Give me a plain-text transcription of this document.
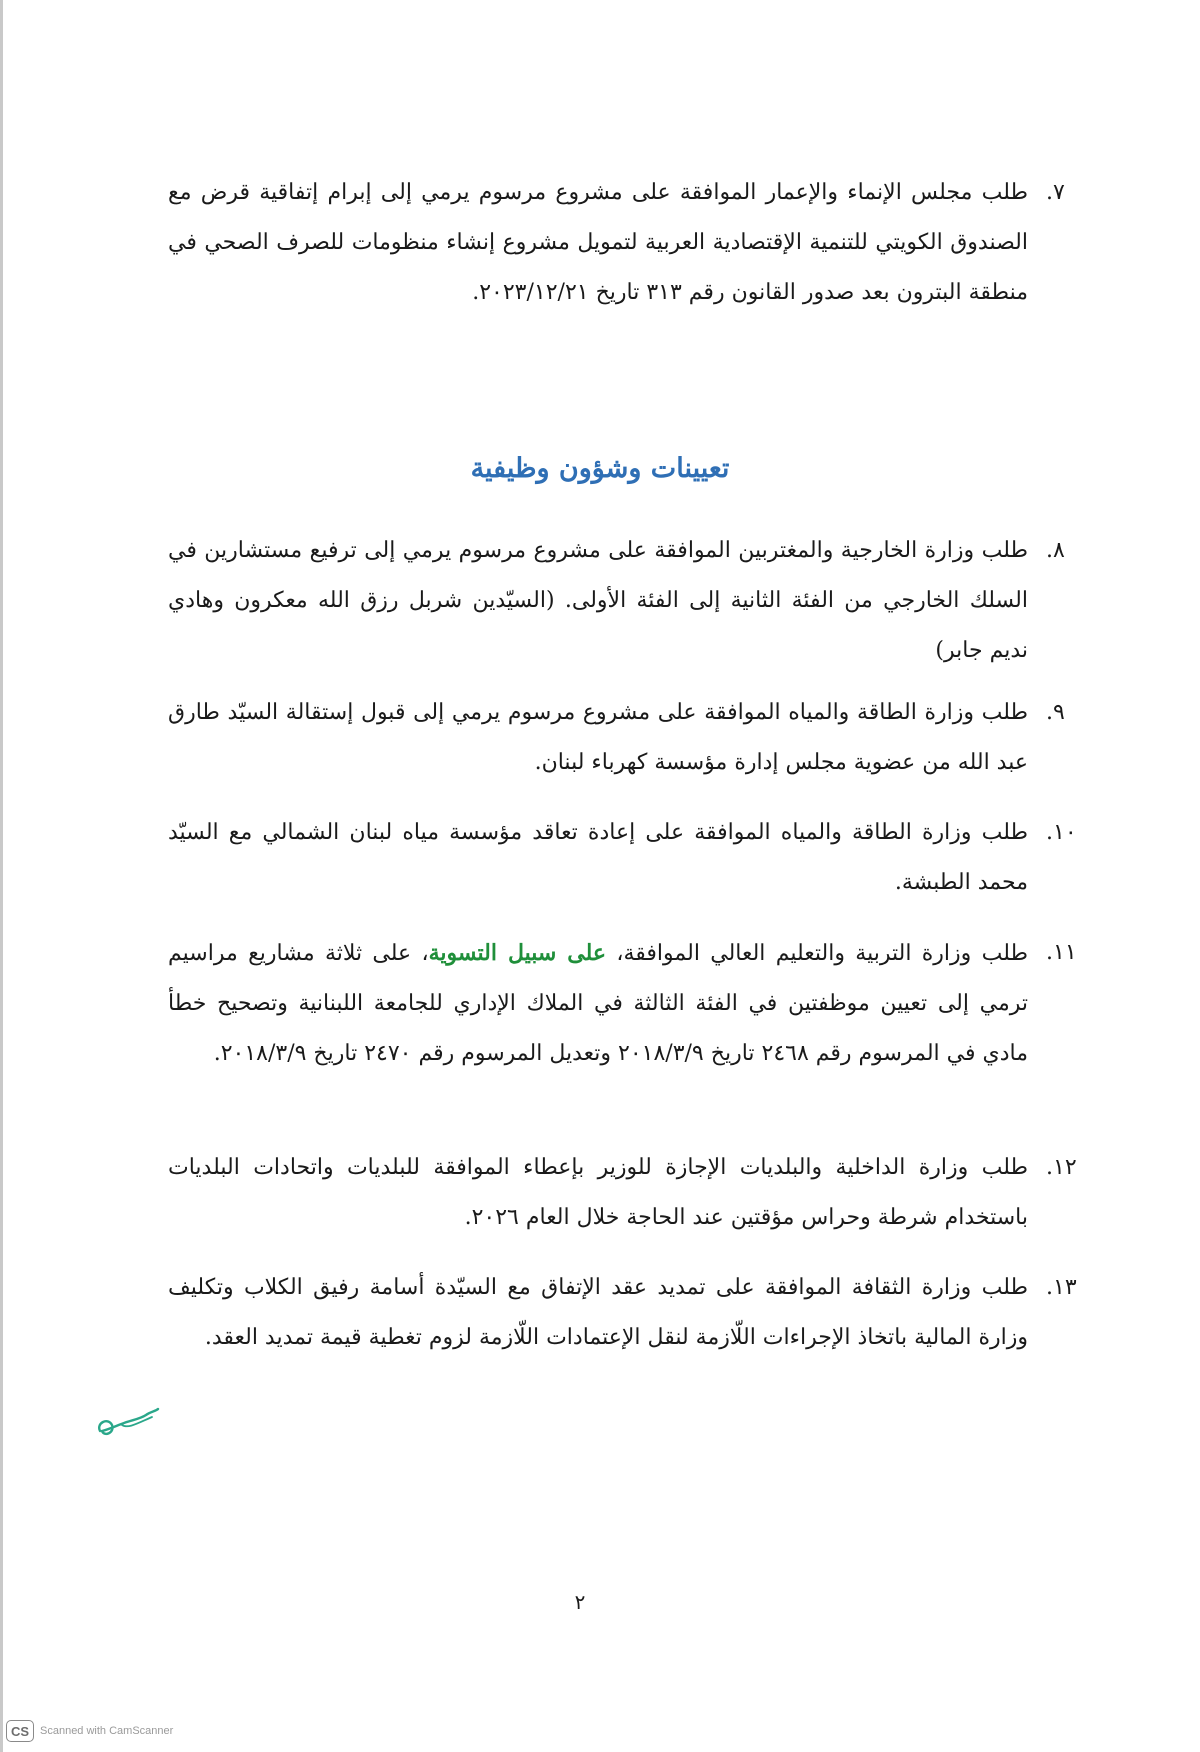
.٧

طلب مجلس الإنماء والإعمار الموافقة على مشروع مرسوم يرمي إلى إبرام إتفاقية قرض مع الصندوق الكويتي للتنمية الإقتصادية العربية لتمويل مشروع إنشاء منظومات للصرف الصحي في منطقة البترون بعد صدور القانون رقم ٣١٣ تاريخ ٢٠٢٣/١٢/٢١.

تعيينات وشؤون وظيفية
.٨

طلب وزارة الخارجية والمغتربين الموافقة على مشروع مرسوم يرمي إلى ترفيع مستشارين في السلك الخارجي من الفئة الثانية إلى الفئة الأولى. (السيّدين شربل رزق الله معكرون وهادي نديم جابر)

.٩

طلب وزارة الطاقة والمياه الموافقة على مشروع مرسوم يرمي إلى قبول إستقالة السيّد طارق عبد الله من عضوية مجلس إدارة مؤسسة كهرباء لبنان.

.١٠

طلب وزارة الطاقة والمياه الموافقة على إعادة تعاقد مؤسسة مياه لبنان الشمالي مع السيّد محمد الطبشة.

.١١

طلب وزارة التربية والتعليم العالي الموافقة، على سبيل التسوية، على ثلاثة مشاريع مراسيم ترمي إلى تعيين موظفتين في الفئة الثالثة في الملاك الإداري للجامعة اللبنانية وتصحيح خطأ مادي في المرسوم رقم ٢٤٦٨ تاريخ ٢٠١٨/٣/٩ وتعديل المرسوم رقم ٢٤٧٠ تاريخ ٢٠١٨/٣/٩.

.١٢

طلب وزارة الداخلية والبلديات الإجازة للوزير بإعطاء الموافقة للبلديات واتحادات البلديات باستخدام شرطة وحراس مؤقتين عند الحاجة خلال العام ٢٠٢٦.

.١٣

طلب وزارة الثقافة الموافقة على تمديد عقد الإتفاق مع السيّدة أسامة رفيق الكلاب وتكليف وزارة المالية باتخاذ الإجراءات اللّازمة لنقل الإعتمادات اللّازمة لزوم تغطية قيمة تمديد العقد.

٢
CS Scanned with CamScanner
